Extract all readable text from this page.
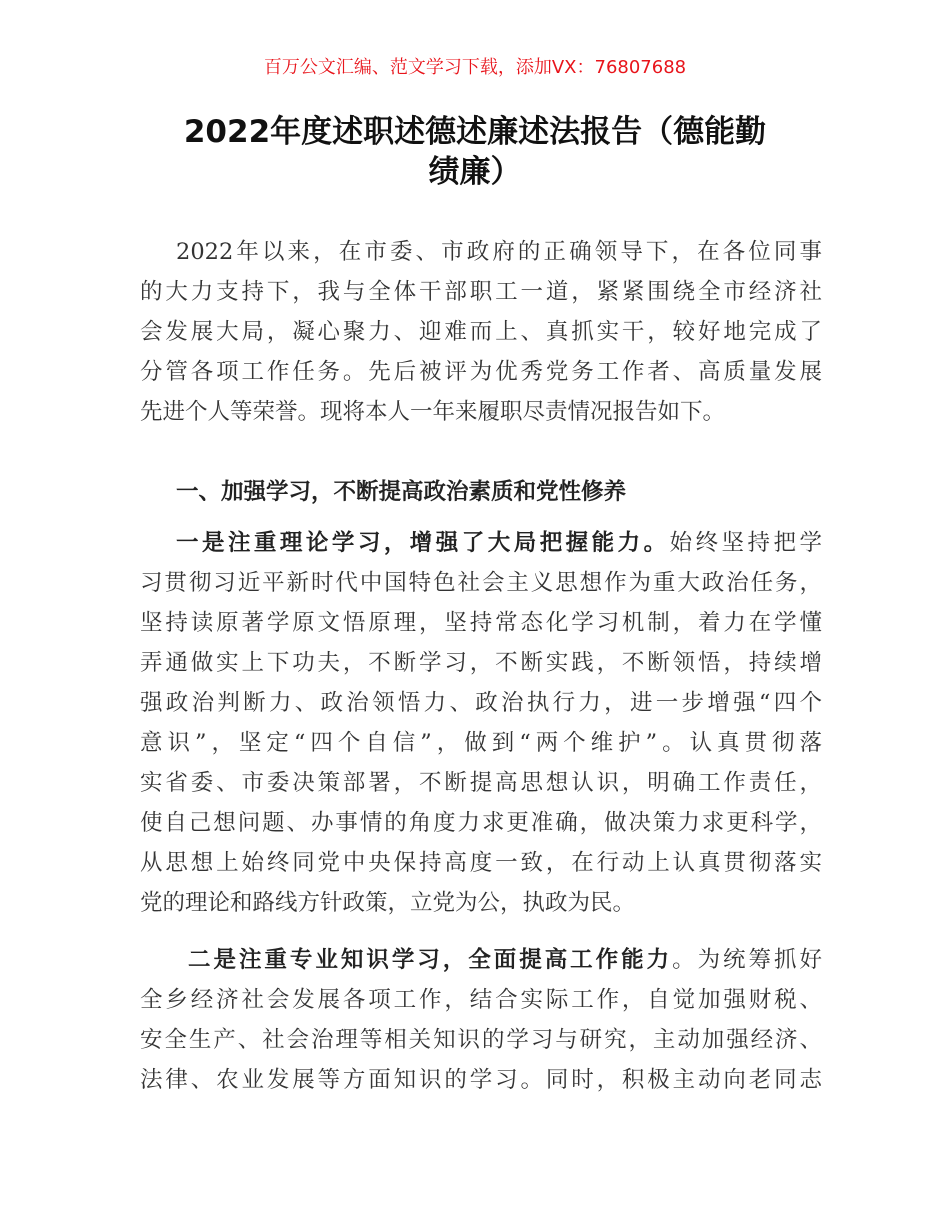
百万公文汇编、范文学习下载，添加VX：76807688
2022年度述职述德述廉述法报告（德能勤
绩廉）
2022年以来，在市委、市政府的正确领导下，在各位同事
的大力支持下，我与全体干部职工一道，紧紧围绕全市经济社
会发展大局，凝心聚力、迎难而上、真抓实干，较好地完成了
分管各项工作任务。先后被评为优秀党务工作者、高质量发展
先进个人等荣誉。现将本人一年来履职尽责情况报告如下。
一、加强学习，不断提高政治素质和党性修养
一是注重理论学习，增强了大局把握能力。始终坚持把学
习贯彻习近平新时代中国特色社会主义思想作为重大政治任务，
坚持读原著学原文悟原理，坚持常态化学习机制，着力在学懂
弄通做实上下功夫，不断学习，不断实践，不断领悟，持续增
强政治判断力、政治领悟力、政治执行力，进一步增强“四个
意识”，坚定“四个自信”，做到“两个维护”。认真贯彻落
实省委、市委决策部署，不断提高思想认识，明确工作责任，
使自己想问题、办事情的角度力求更准确，做决策力求更科学，
从思想上始终同党中央保持高度一致，在行动上认真贯彻落实
党的理论和路线方针政策，立党为公，执政为民。
二是注重专业知识学习，全面提高工作能力。为统筹抓好
全乡经济社会发展各项工作，结合实际工作，自觉加强财税、
安全生产、社会治理等相关知识的学习与研究，主动加强经济、
法律、农业发展等方面知识的学习。同时，积极主动向老同志
